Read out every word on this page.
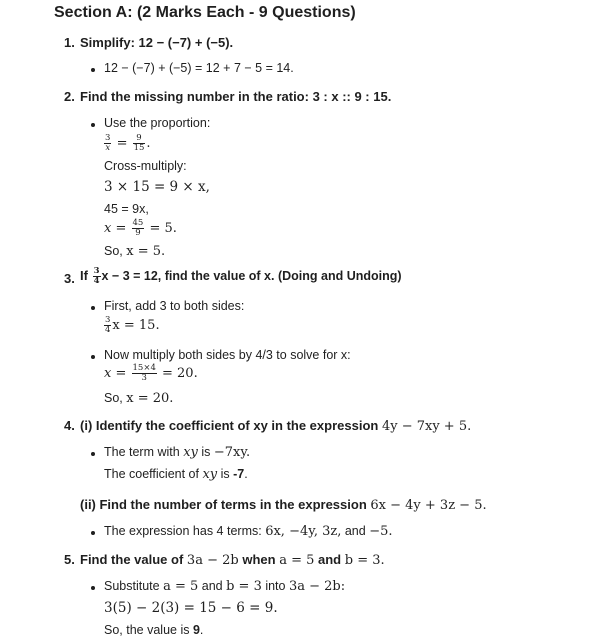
Section A: (2 Marks Each - 9 Questions)
1. Simplify: 12 − (−7) + (−5).
12 − (−7) + (−5) = 12 + 7 − 5 = 14.
2. Find the missing number in the ratio: 3 : x :: 9 : 15.
Use the proportion:
$\frac{3}{x} = \frac{9}{15}$ .
Cross-multiply:
3 × 15 = 9 × x,
45 = 9x,
$x = \frac{45}{9} = 5$.
So, x = 5.
3. If $\frac{3}{4}$ x − 3 = 12, find the value of x. (Doing and Undoing)
First, add 3 to both sides:
$\frac{3}{4}$ x = 15.
Now multiply both sides by 4/3 to solve for x:
$x = \frac{15\times 4}{3} = 20$.
So, x = 20.
4. (i) Identify the coefficient of xy in the expression 4y − 7xy + 5.
The term with xy is −7xy.
The coefficient of xy is -7.
(ii) Find the number of terms in the expression 6x − 4y + 3z − 5.
The expression has 4 terms: 6x, −4y, 3z, and −5.
5. Find the value of 3a − 2b when a = 5 and b = 3.
Substitute a = 5 and b = 3 into 3a − 2b:
3(5) − 2(3) = 15 − 6 = 9.
So, the value is 9.
